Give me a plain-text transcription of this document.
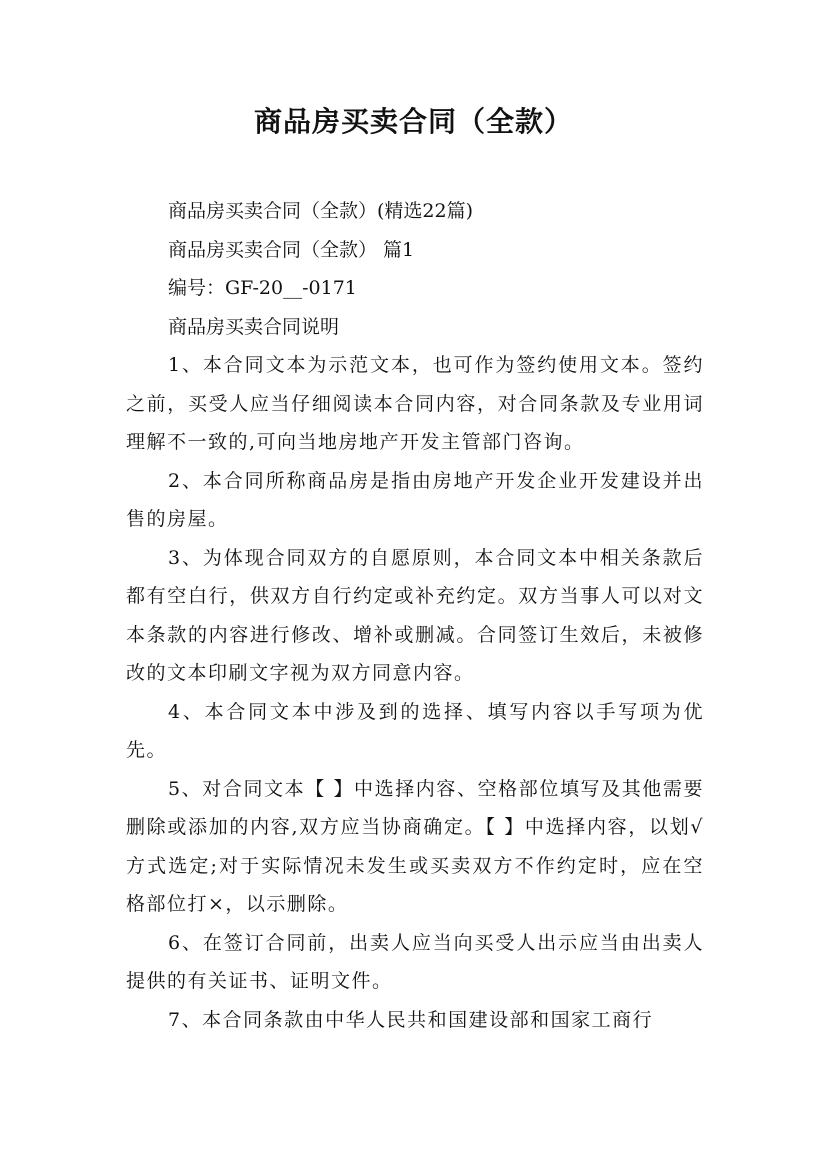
商品房买卖合同（全款）

商品房买卖合同（全款）(精选22篇)

商品房买卖合同（全款） 篇1

编号：GF-20__-0171

商品房买卖合同说明

1、本合同文本为示范文本，也可作为签约使用文本。签约之前，买受人应当仔细阅读本合同内容，对合同条款及专业用词理解不一致的,可向当地房地产开发主管部门咨询。

2、本合同所称商品房是指由房地产开发企业开发建设并出售的房屋。

3、为体现合同双方的自愿原则，本合同文本中相关条款后都有空白行，供双方自行约定或补充约定。双方当事人可以对文本条款的内容进行修改、增补或删减。合同签订生效后，未被修改的文本印刷文字视为双方同意内容。

4、本合同文本中涉及到的选择、填写内容以手写项为优先。

5、对合同文本【 】中选择内容、空格部位填写及其他需要删除或添加的内容,双方应当协商确定。【 】中选择内容，以划√方式选定;对于实际情况未发生或买卖双方不作约定时，应在空格部位打×，以示删除。

6、在签订合同前，出卖人应当向买受人出示应当由出卖人提供的有关证书、证明文件。

7、本合同条款由中华人民共和国建设部和国家工商行
